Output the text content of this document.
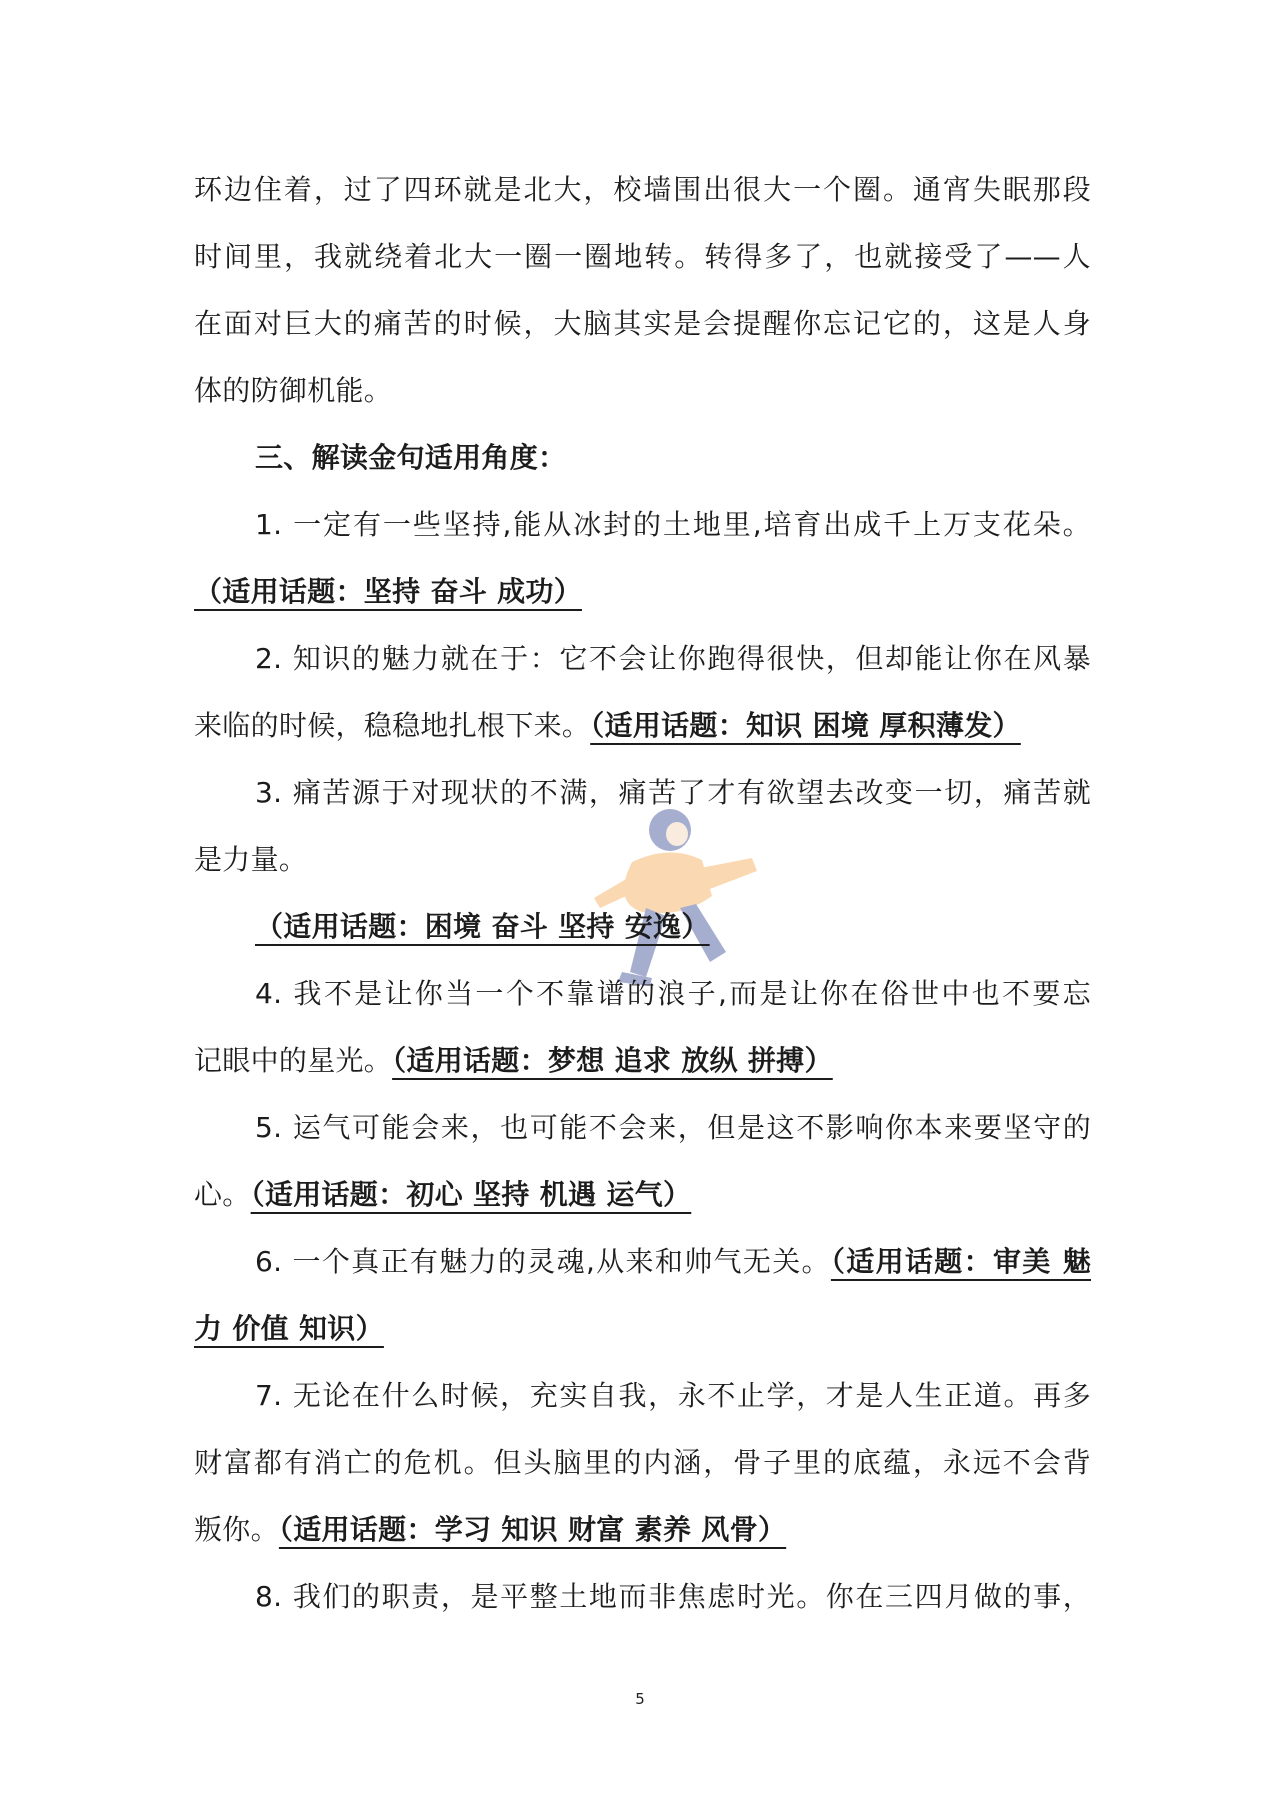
环边住着，过了四环就是北大，校墙围出很大一个圈。通宵失眠那段
时间里，我就绕着北大一圈一圈地转。转得多了，也就接受了——人
在面对巨大的痛苦的时候，大脑其实是会提醒你忘记它的，这是人身
体的防御机能。
三、解读金句适用角度：
1. 一定有一些坚持,能从冰封的土地里,培育出成千上万支花朵。
（适用话题：坚持 奋斗 成功）
2. 知识的魅力就在于：它不会让你跑得很快，但却能让你在风暴
来临的时候，稳稳地扎根下来。（适用话题：知识 困境 厚积薄发）
3. 痛苦源于对现状的不满，痛苦了才有欲望去改变一切，痛苦就
是力量。
（适用话题：困境 奋斗 坚持 安逸）
4. 我不是让你当一个不靠谱的浪子,而是让你在俗世中也不要忘
记眼中的星光。（适用话题：梦想 追求 放纵 拼搏）
5. 运气可能会来，也可能不会来，但是这不影响你本来要坚守的
心。（适用话题：初心 坚持 机遇 运气）
6. 一个真正有魅力的灵魂,从来和帅气无关。（适用话题：审美 魅
力 价值 知识）
7. 无论在什么时候，充实自我，永不止学，才是人生正道。再多
财富都有消亡的危机。但头脑里的内涵，骨子里的底蕴，永远不会背
叛你。（适用话题：学习 知识 财富 素养 风骨）
8. 我们的职责，是平整土地而非焦虑时光。你在三四月做的事，
5
